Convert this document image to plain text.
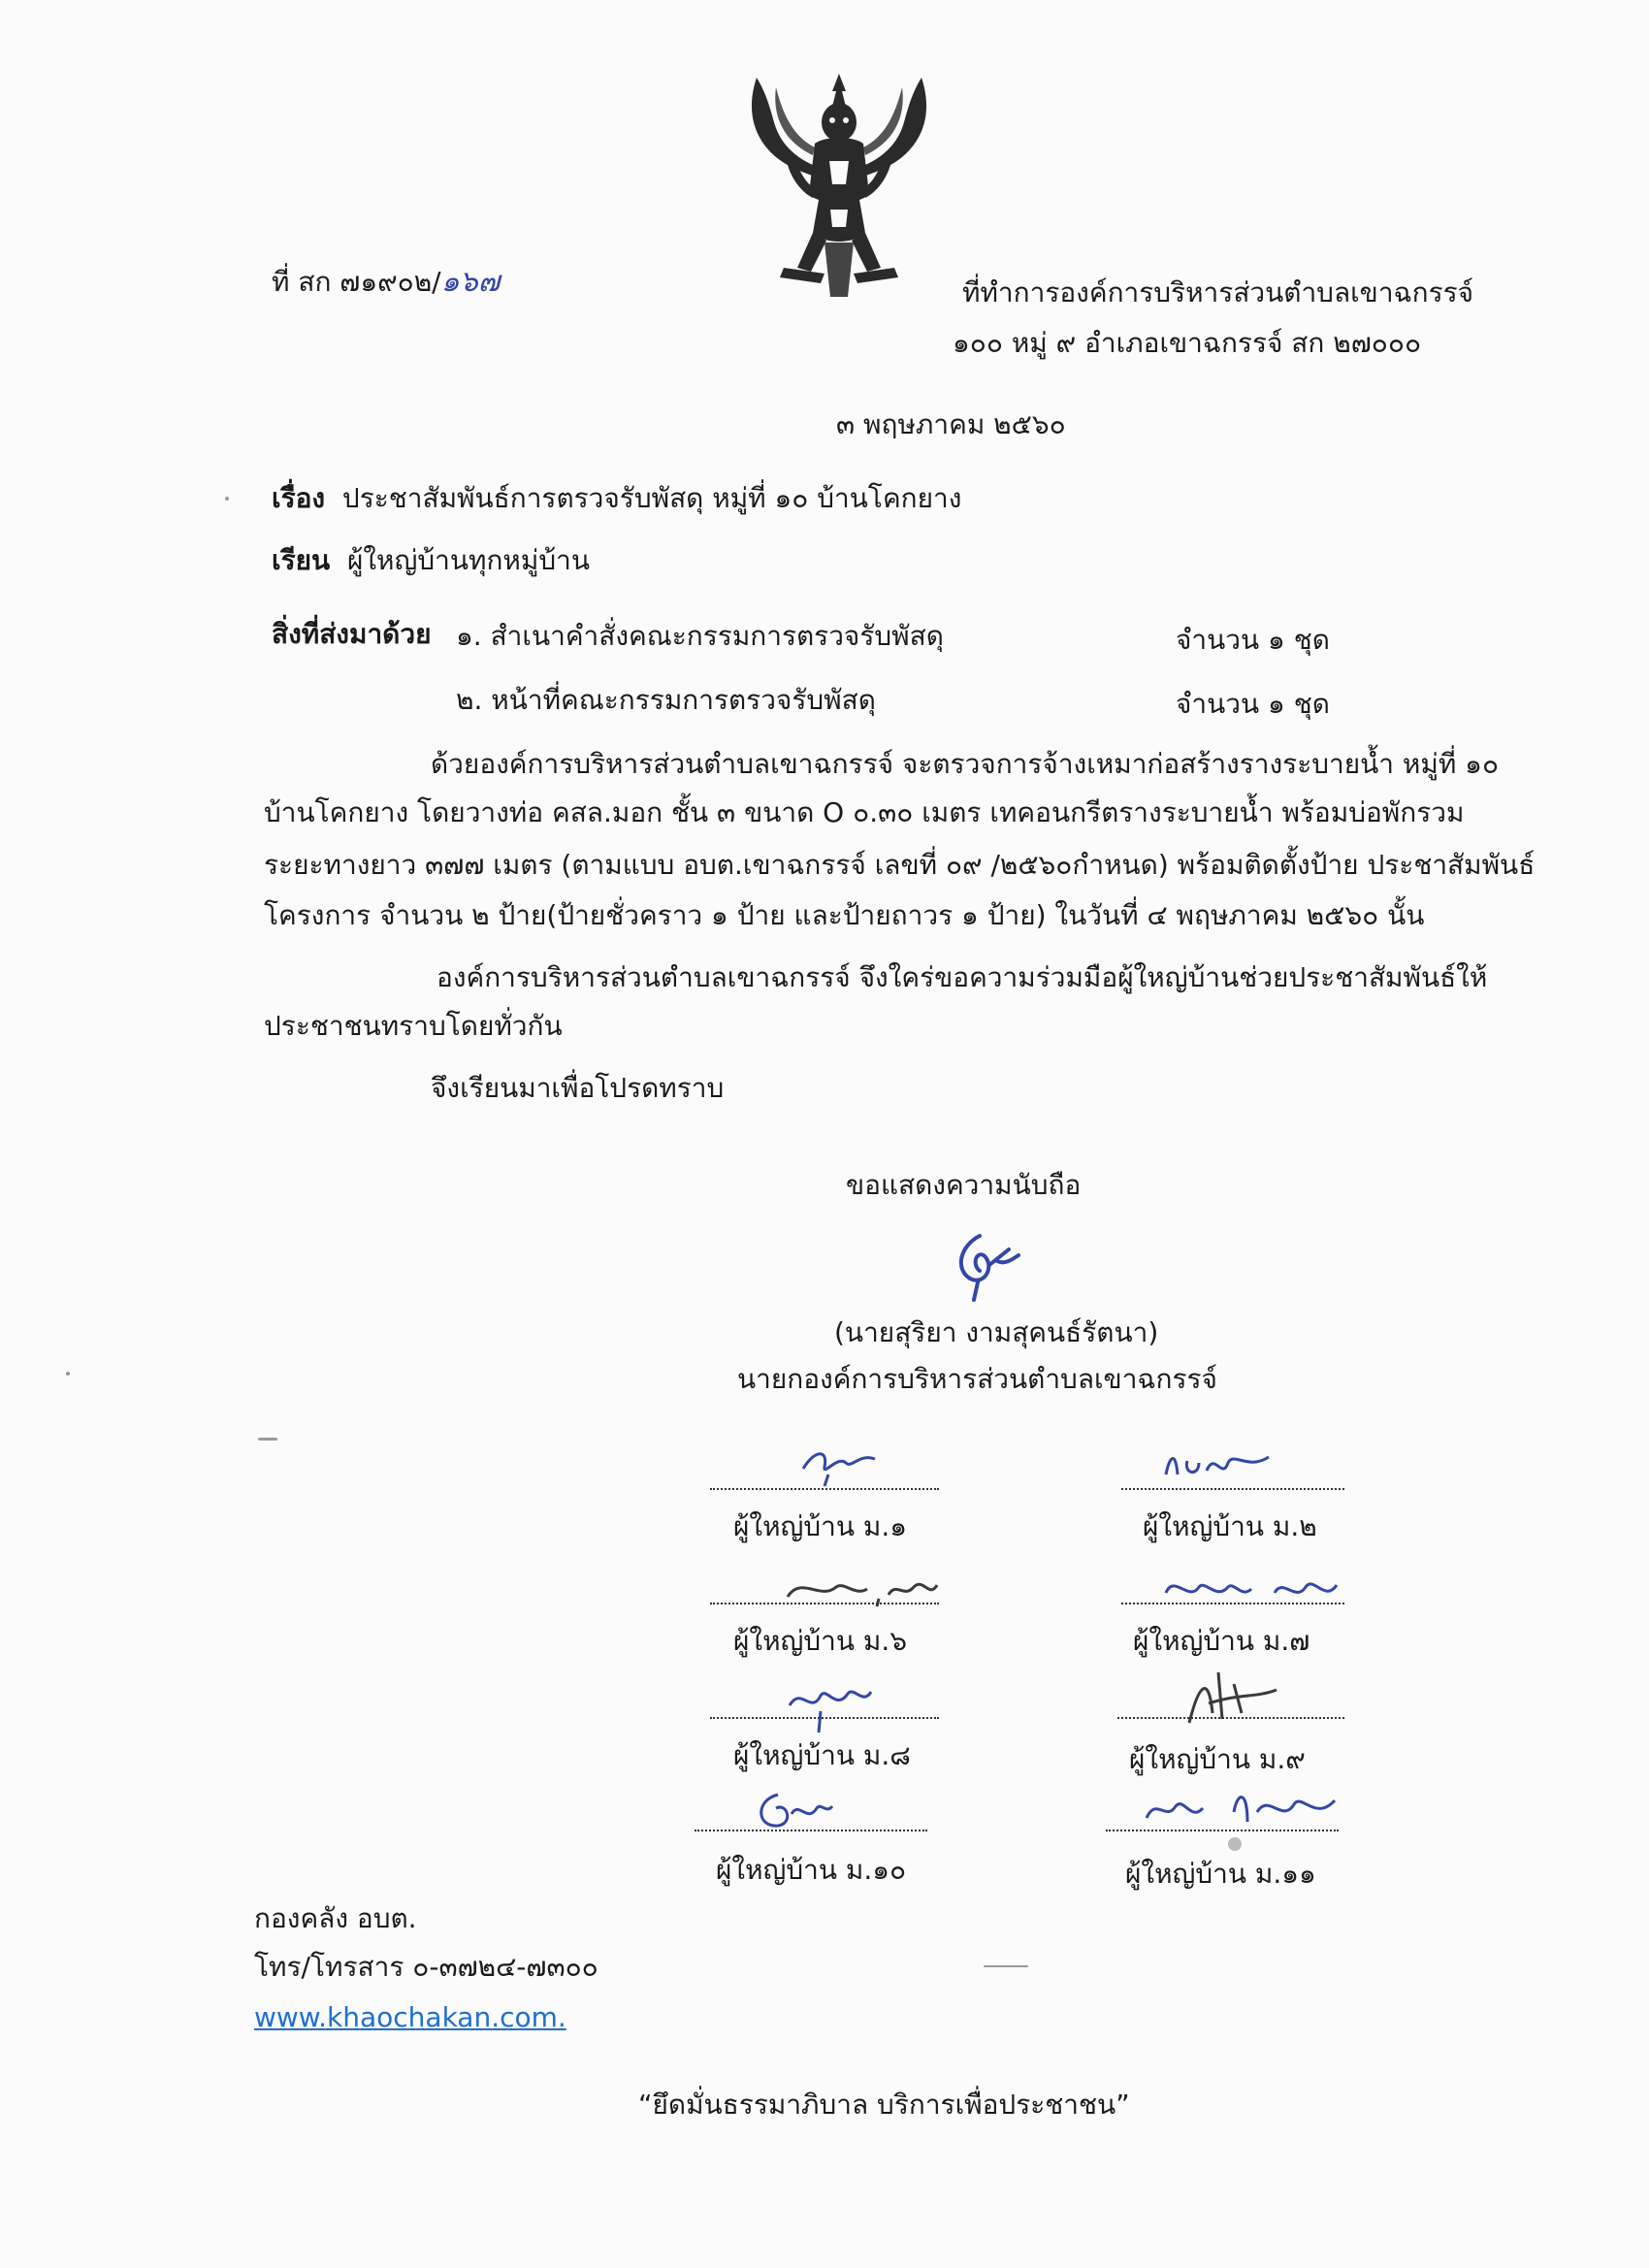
ที่ สก ๗๑๙๐๒/๑๖๗	ที่ทำการองค์การบริหารส่วนตำบลเขาฉกรรจ์
๑๐๐ หมู่ ๙ อำเภอเขาฉกรรจ์ สก ๒๗๐๐๐
๓ พฤษภาคม ๒๕๖๐
เรื่อง ประชาสัมพันธ์การตรวจรับพัสดุ หมู่ที่ ๑๐ บ้านโคกยาง
เรียน ผู้ใหญ่บ้านทุกหมู่บ้าน
สิ่งที่ส่งมาด้วย ๑. สำเนาคำสั่งคณะกรรมการตรวจรับพัสดุ	จำนวน ๑ ชุด
๒. หน้าที่คณะกรรมการตรวจรับพัสดุ	จำนวน ๑ ชุด
ด้วยองค์การบริหารส่วนตำบลเขาฉกรรจ์ จะตรวจการจ้างเหมาก่อสร้างรางระบายน้ำ หมู่ที่ ๑๐
บ้านโคกยาง โดยวางท่อ คสล.มอก ชั้น ๓ ขนาด O ๐.๓๐ เมตร เทคอนกรีตรางระบายน้ำ พร้อมบ่อพักรวม
ระยะทางยาว ๓๗๗ เมตร (ตามแบบ อบต.เขาฉกรรจ์ เลขที่ ๐๙ /๒๕๖๐กำหนด) พร้อมติดตั้งป้าย ประชาสัมพันธ์
โครงการ จำนวน ๒ ป้าย(ป้ายชั่วคราว ๑ ป้าย และป้ายถาวร ๑ ป้าย) ในวันที่ ๔ พฤษภาคม ๒๕๖๐ นั้น
องค์การบริหารส่วนตำบลเขาฉกรรจ์ จึงใคร่ขอความร่วมมือผู้ใหญ่บ้านช่วยประชาสัมพันธ์ให้
ประชาชนทราบโดยทั่วกัน
จึงเรียนมาเพื่อโปรดทราบ
ขอแสดงความนับถือ
(นายสุริยา งามสุคนธ์รัตนา)
นายกองค์การบริหารส่วนตำบลเขาฉกรรจ์
ผู้ใหญ่บ้าน ม.๑	ผู้ใหญ่บ้าน ม.๒
ผู้ใหญ่บ้าน ม.๖	ผู้ใหญ่บ้าน ม.๗
ผู้ใหญ่บ้าน ม.๘	ผู้ใหญ่บ้าน ม.๙
ผู้ใหญ่บ้าน ม.๑๐	ผู้ใหญ่บ้าน ม.๑๑
กองคลัง อบต.
โทร/โทรสาร ๐-๓๗๒๔-๗๓๐๐
www.khaochakan.com.
“ยึดมั่นธรรมาภิบาล บริการเพื่อประชาชน”
